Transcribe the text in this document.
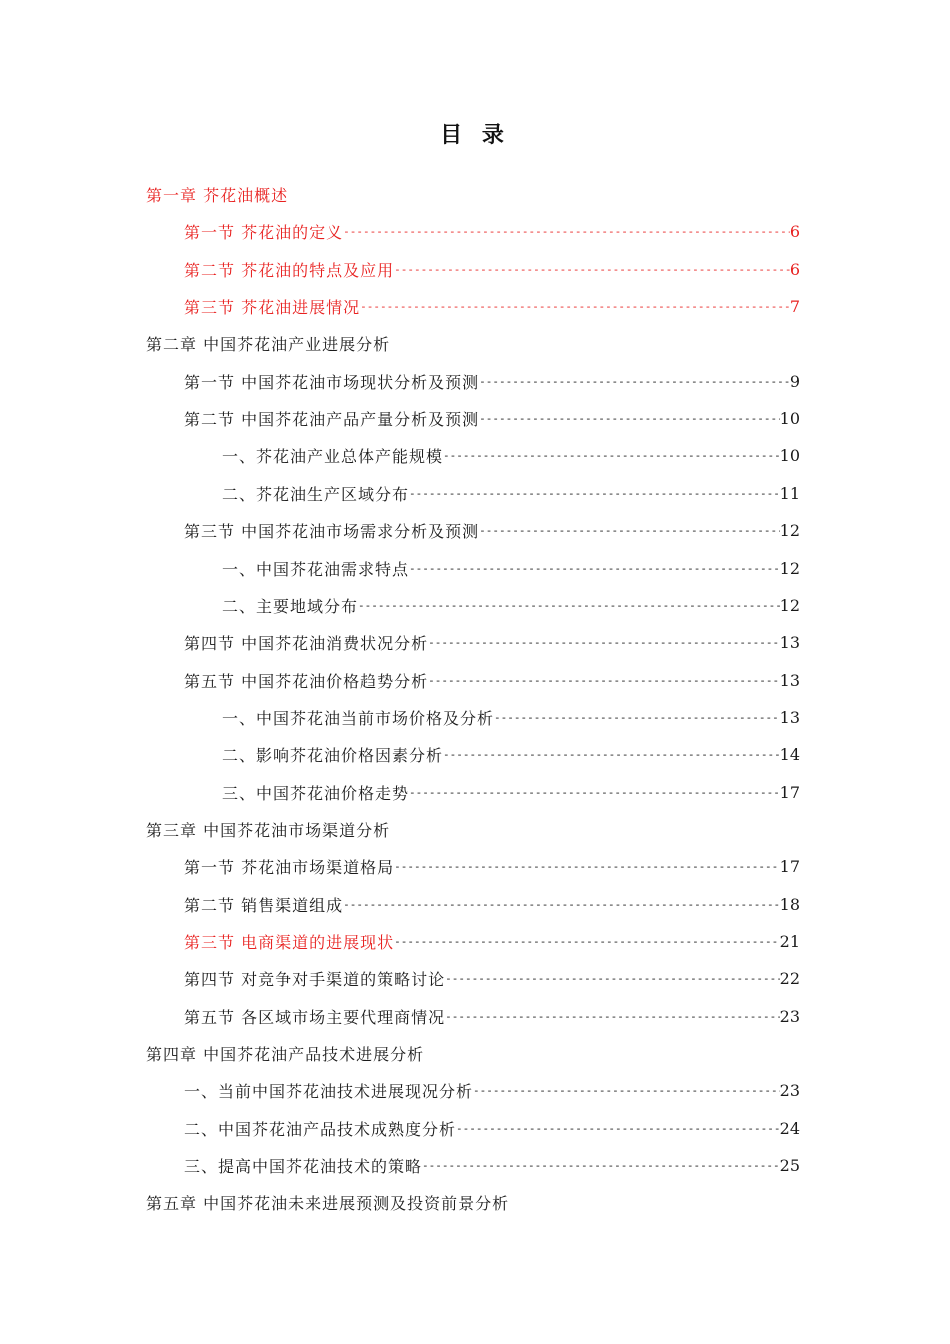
目 录
第一章 芥花油概述
第一节 芥花油的定义 -----	6
第二节 芥花油的特点及应用 -----	6
第三节 芥花油进展情况 -----	7
第二章 中国芥花油产业进展分析
第一节 中国芥花油市场现状分析及预测 -----	9
第二节 中国芥花油产品产量分析及预测 -----	10
一、芥花油产业总体产能规模 -----	10
二、芥花油生产区域分布 -----	11
第三节 中国芥花油市场需求分析及预测 -----	12
一、中国芥花油需求特点 -----	12
二、主要地域分布 -----	12
第四节 中国芥花油消费状况分析 -----	13
第五节 中国芥花油价格趋势分析 -----	13
一、中国芥花油当前市场价格及分析 -----	13
二、影响芥花油价格因素分析 -----	14
三、中国芥花油价格走势 -----	17
第三章 中国芥花油市场渠道分析
第一节 芥花油市场渠道格局 -----	17
第二节 销售渠道组成 -----	18
第三节 电商渠道的进展现状 -----	21
第四节 对竞争对手渠道的策略讨论 -----	22
第五节 各区域市场主要代理商情况 -----	23
第四章 中国芥花油产品技术进展分析
一、当前中国芥花油技术进展现况分析 -----	23
二、中国芥花油产品技术成熟度分析 -----	24
三、提高中国芥花油技术的策略 -----	25
第五章 中国芥花油未来进展预测及投资前景分析
